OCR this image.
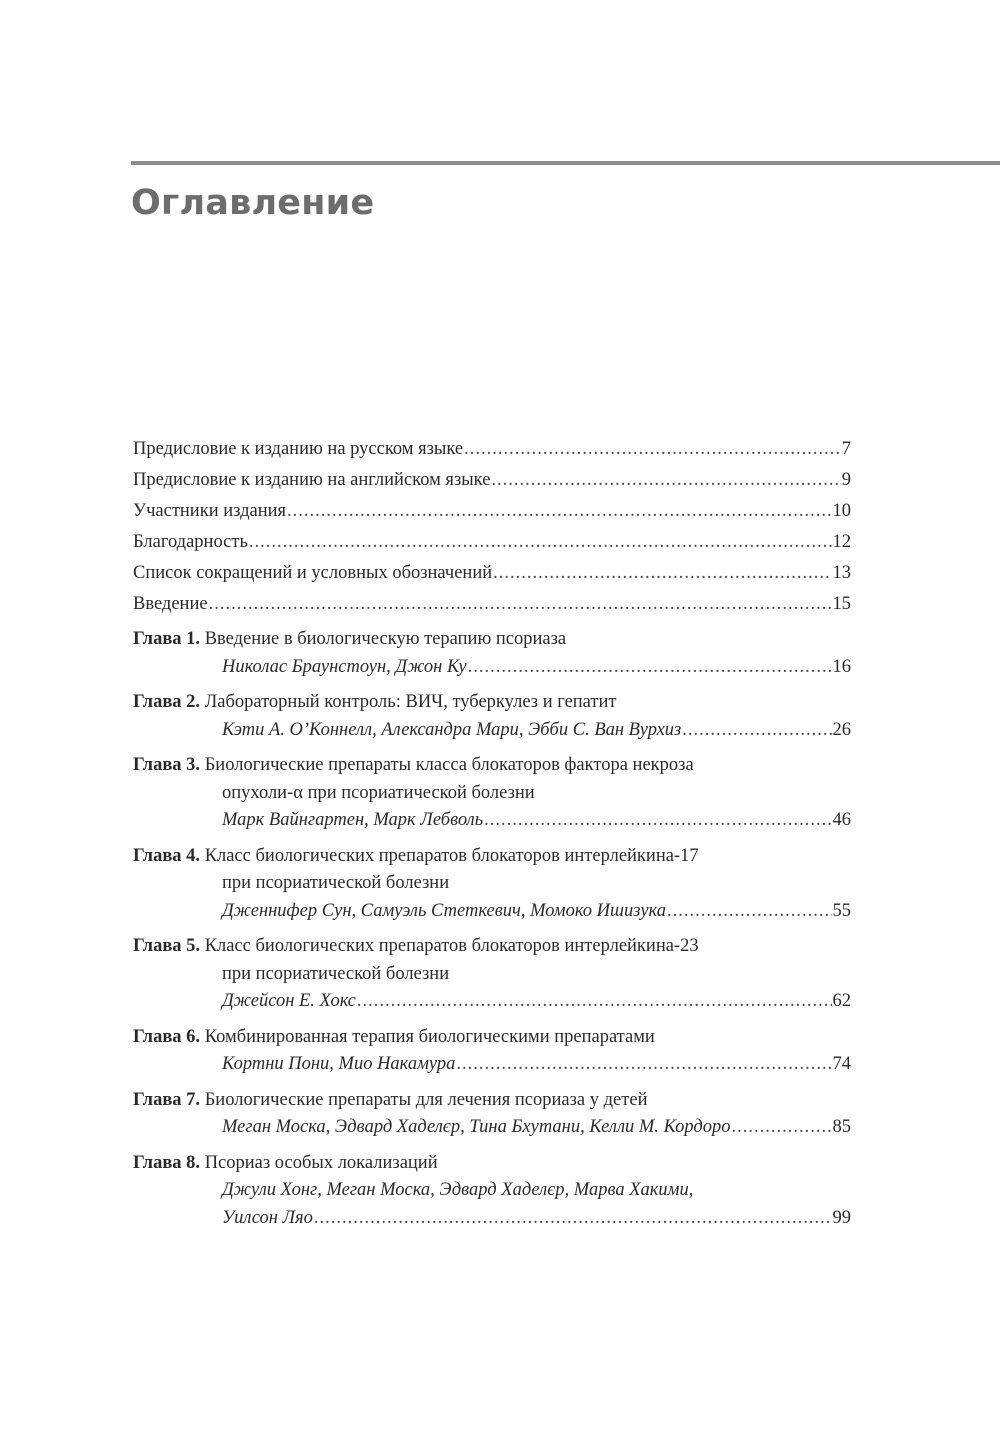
Оглавление
Предисловие к изданию на русском языке .....	7
Предисловие к изданию на английском языке .....	9
Участники издания .....	10
Благодарность .....	12
Список сокращений и условных обозначений .....	13
Введение .....	15
Глава 1. Введение в биологическую терапию псориаза
Николас Браунстоун, Джон Ку .....	16
Глава 2. Лабораторный контроль: ВИЧ, туберкулез и гепатит
Кэти А. О’Коннелл, Александра Мари, Эбби С. Ван Вурхиз .....	26
Глава 3. Биологические препараты класса блокаторов фактора некроза
опухоли-α при псориатической болезни
Марк Вайнгартен, Марк Лебволь .....	46
Глава 4. Класс биологических препаратов блокаторов интерлейкина-17
при псориатической болезни
Дженнифер Сун, Самуэль Стеткевич, Момоко Ишизука .....	55
Глава 5. Класс биологических препаратов блокаторов интерлейкина-23
при псориатической болезни
Джейсон Е. Хокс .....	62
Глава 6. Комбинированная терапия биологическими препаратами
Кортни Пони, Мио Накамура .....	74
Глава 7. Биологические препараты для лечения псориаза у детей
Меган Моска, Эдвард Хаделєр, Тина Бхутани, Келли М. Кордоро .....	85
Глава 8. Псориаз особых локализаций
Джули Хонг, Меган Моска, Эдвард Хаделєр, Марва Хакими,
Уилсон Ляо .....	99
